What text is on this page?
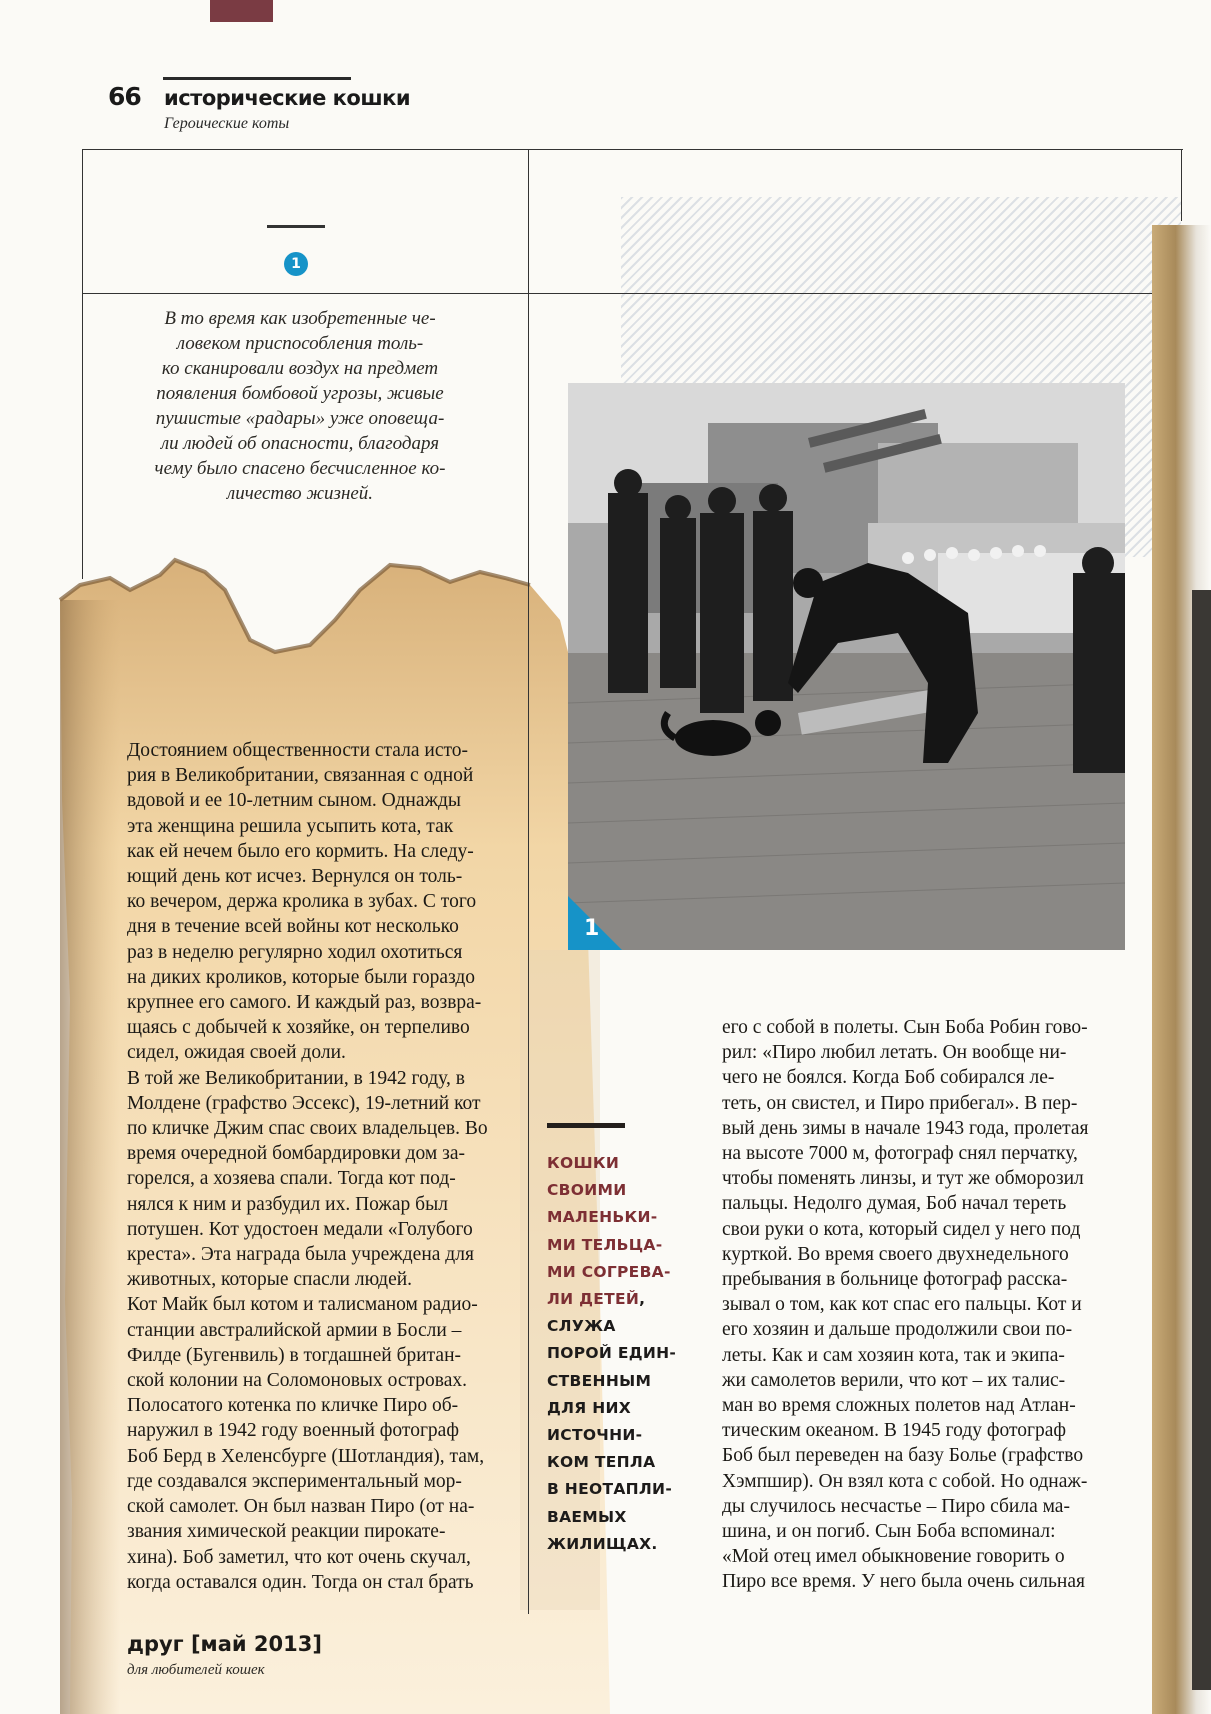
66 исторические кошки
Героические коты
1
В то время как изобретенные че-
ловеком приспособления толь-
ко сканировали воздух на предмет
появления бомбовой угрозы, живые
пушистые «радары» уже оповеща-
ли людей об опасности, благодаря
чему было спасено бесчисленное ко-
личество жизней.
1
Достоянием общественности стала исто-
рия в Великобритании, связанная с одной
вдовой и ее 10-летним сыном. Однажды
эта женщина решила усыпить кота, так
как ей нечем было его кормить. На следу-
ющий день кот исчез. Вернулся он толь-
ко вечером, держа кролика в зубах. С того
дня в течение всей войны кот несколько
раз в неделю регулярно ходил охотиться
на диких кроликов, которые были гораздо
крупнее его самого. И каждый раз, возвра-
щаясь с добычей к хозяйке, он терпеливо
сидел, ожидая своей доли.
В той же Великобритании, в 1942 году, в
Молдене (графство Эссекс), 19-летний кот
по кличке Джим спас своих владельцев. Во
время очередной бомбардировки дом за-
горелся, а хозяева спали. Тогда кот под-
нялся к ним и разбудил их. Пожар был
потушен. Кот удостоен медали «Голубого
креста». Эта награда была учреждена для
животных, которые спасли людей.
Кот Майк был котом и талисманом радио-
станции австралийской армии в Босли –
Филде (Бугенвиль) в тогдашней британ-
ской колонии на Соломоновых островах.
Полосатого котенка по кличке Пиро об-
наружил в 1942 году военный фотограф
Боб Берд в Хеленсбурге (Шотландия), там,
где создавался экспериментальный мор-
ской самолет. Он был назван Пиро (от на-
звания химической реакции пирокате-
хина). Боб заметил, что кот очень скучал,
когда оставался один. Тогда он стал брать
КОШКИ
СВОИМИ
МАЛЕНЬКИ-
МИ ТЕЛЬЦА-
МИ СОГРЕВА-
ЛИ ДЕТЕЙ,
СЛУЖА
ПОРОЙ ЕДИН-
СТВЕННЫМ
ДЛЯ НИХ
ИСТОЧНИ-
КОМ ТЕПЛА
В НЕОТАПЛИ-
ВАЕМЫХ
ЖИЛИЩАХ.
его с собой в полеты. Сын Боба Робин гово-
рил: «Пиро любил летать. Он вообще ни-
чего не боялся. Когда Боб собирался ле-
теть, он свистел, и Пиро прибегал». В пер-
вый день зимы в начале 1943 года, пролетая
на высоте 7000 м, фотограф снял перчатку,
чтобы поменять линзы, и тут же обморозил
пальцы. Недолго думая, Боб начал тереть
свои руки о кота, который сидел у него под
курткой. Во время своего двухнедельного
пребывания в больнице фотограф расска-
зывал о том, как кот спас его пальцы. Кот и
его хозяин и дальше продолжили свои по-
леты. Как и сам хозяин кота, так и экипа-
жи самолетов верили, что кот – их талис-
ман во время сложных полетов над Атлан-
тическим океаном. В 1945 году фотограф
Боб был переведен на базу Болье (графство
Хэмпшир). Он взял кота с собой. Но однаж-
ды случилось несчастье – Пиро сбила ма-
шина, и он погиб. Сын Боба вспоминал:
«Мой отец имел обыкновение говорить о
Пиро все время. У него была очень сильная
друг [май 2013]
для любителей кошек
